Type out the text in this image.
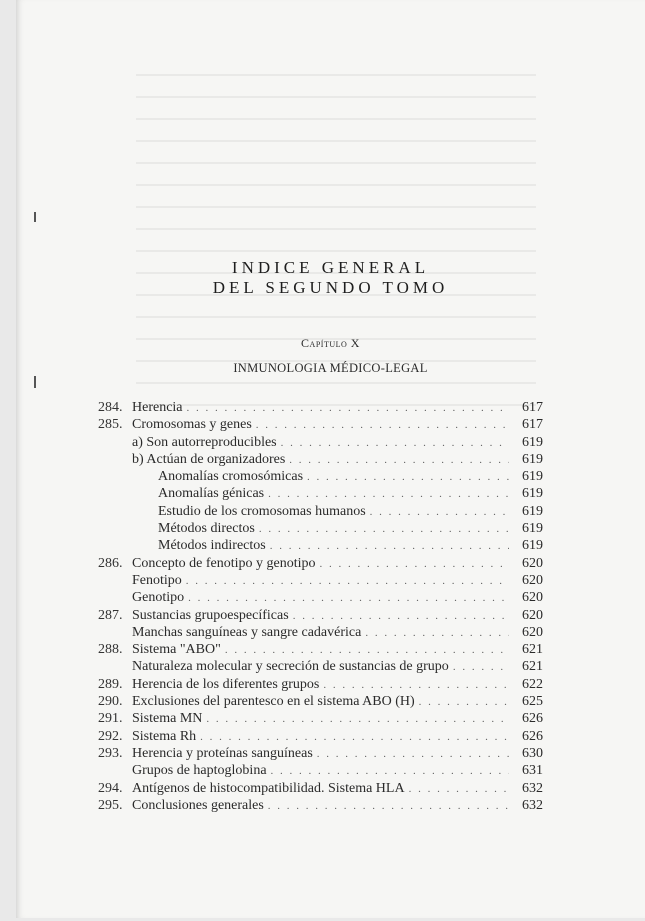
INDICE GENERAL
DEL SEGUNDO TOMO
Capítulo X
INMUNOLOGIA MÉDICO-LEGAL
284. Herencia . . .	617
285. Cromosomas y genes . . .	617
a) Son autorreproducibles . . .	619
b) Actúan de organizadores . . .	619
Anomalías cromosómicas . . .	619
Anomalías génicas . . .	619
Estudio de los cromosomas humanos . . .	619
Métodos directos . . .	619
Métodos indirectos . . .	619
286. Concepto de fenotipo y genotipo . . .	620
Fenotipo . . .	620
Genotipo . . .	620
287. Sustancias grupoespecíficas . . .	620
Manchas sanguíneas y sangre cadavérica . . .	620
288. Sistema "ABO" . . .	621
Naturaleza molecular y secreción de sustancias de grupo . . .	621
289. Herencia de los diferentes grupos . . .	622
290. Exclusiones del parentesco en el sistema ABO (H) . . .	625
291. Sistema MN . . .	626
292. Sistema Rh . . .	626
293. Herencia y proteínas sanguíneas . . .	630
Grupos de haptoglobina . . .	631
294. Antígenos de histocompatibilidad. Sistema HLA . . .	632
295. Conclusiones generales . . .	632
